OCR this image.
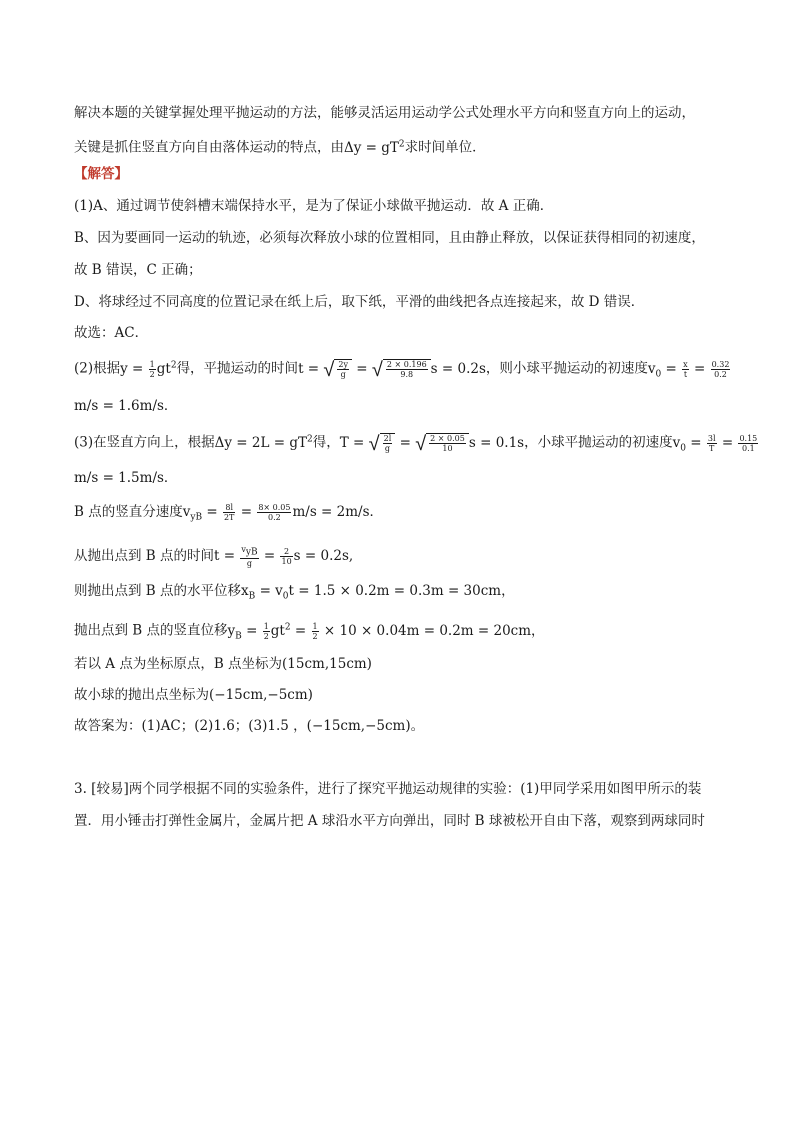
解决本题的关键掌握处理平抛运动的方法，能够灵活运用运动学公式处理水平方向和竖直方向上的运动，
关键是抓住竖直方向自由落体运动的特点，由$\Delta y = gT^2$求时间单位．
【解答】
(1)A、通过调节使斜槽末端保持水平，是为了保证小球做平抛运动．故 A 正确．
B、因为要画同一运动的轨迹，必须每次释放小球的位置相同，且由静止释放，以保证获得相同的初速度，
故 B 错误，C 正确；
D、将球经过不同高度的位置记录在纸上后，取下纸，平滑的曲线把各点连接起来，故 D 错误．
故选：AC．
(2)根据$y = \frac{1}{2} gt^2$得，平抛运动的时间t = √ $\frac{2y}{g}$ = √ $\frac{2 \times 0.196}{9.8}$ s = 0.2s，则小球平抛运动的初速度$v_0 = \frac{x}{t} = \frac{0.32}{0.2}$
m/s = 1.6m/s．
(3)在竖直方向上，根据$\Delta y = 2L = gT^2$得，T = √ $\frac{2l}{g}$ = √ $\frac{2 \times 0.05}{10}$ s = 0.1s，小球平抛运动的初速度$v_0 = \frac{3l}{T} = \frac{0.15}{0.1}$
m/s = 1.5m/s．
B 点的竖直分速度$v_{yB} = \frac{8l}{2T} = \frac{8\times 0.05}{0.2} m/s = 2m/s$．
从抛出点到 B 点的时间$t = \frac{v_{yB}}{g} = \frac{2}{10}$ s = 0.2s,
则抛出点到 B 点的水平位移$x_B = v_0t = 1.5 \times 0.2m = 0.3m = 30cm$，
抛出点到 B 点的竖直位移$y_B = \frac{1}{2} gt^2 = \frac{1}{2} \times 10 \times 0.04m = 0.2m = 20cm$，
若以 A 点为坐标原点，B 点坐标为(15cm,15cm)
故小球的抛出点坐标为(−15cm,−5cm)
故答案为：(1)AC；(2)1.6；(3)1.5 ，(−15cm,−5cm)。
3. [较易]两个同学根据不同的实验条件，进行了探究平抛运动规律的实验：(1)甲同学采用如图甲所示的装
置．用小锤击打弹性金属片，金属片把 A 球沿水平方向弹出，同时 B 球被松开自由下落，观察到两球同时
